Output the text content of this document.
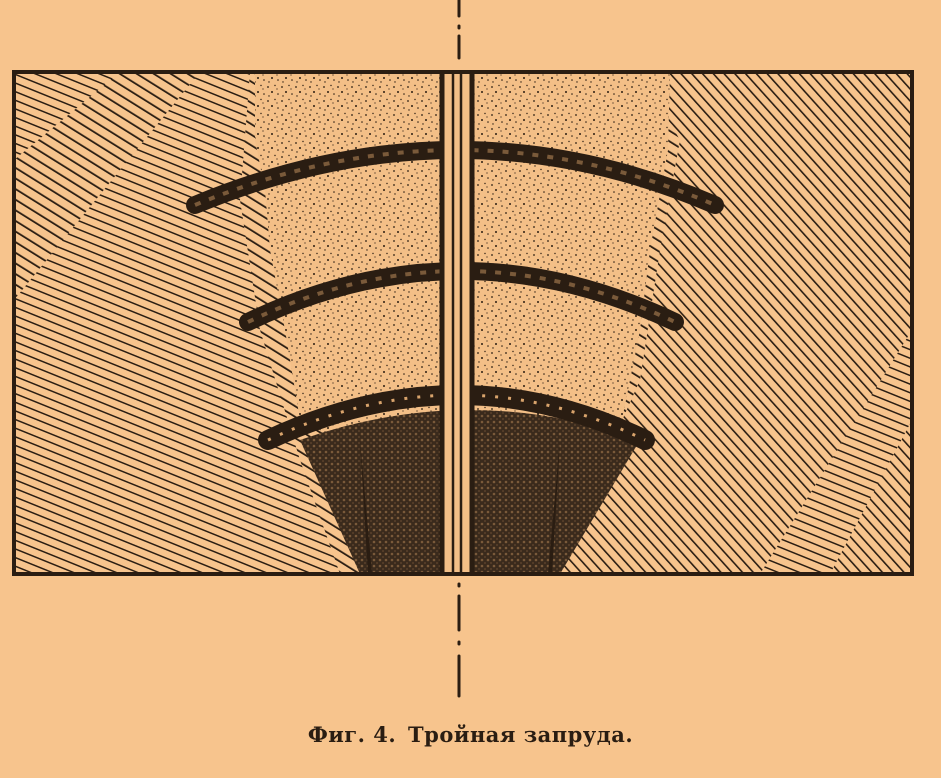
Фиг. 4. Тройная запруда.
